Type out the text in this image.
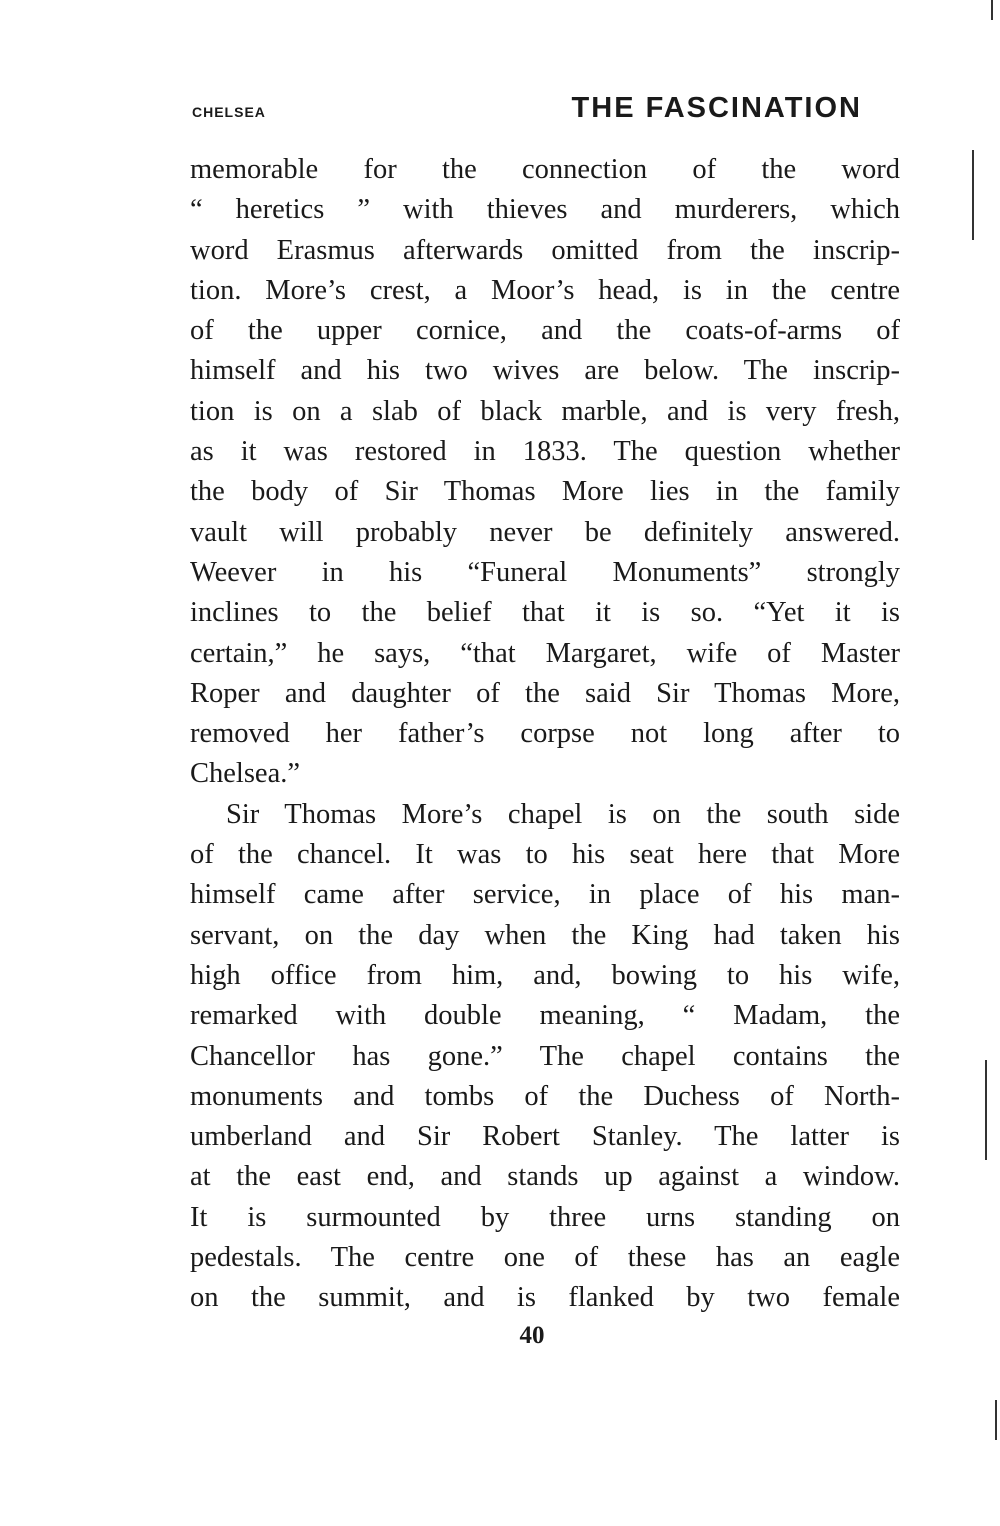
CHELSEA	THE FASCINATION
memorable for the connection of the word
“ heretics ” with thieves and murderers, which
word Erasmus afterwards omitted from the inscrip-
tion. More’s crest, a Moor’s head, is in the centre
of the upper cornice, and the coats-of-arms of
himself and his two wives are below. The inscrip-
tion is on a slab of black marble, and is very fresh,
as it was restored in 1833. The question whether
the body of Sir Thomas More lies in the family
vault will probably never be definitely answered.
Weever in his “Funeral Monuments” strongly
inclines to the belief that it is so. “Yet it is
certain,” he says, “that Margaret, wife of Master
Roper and daughter of the said Sir Thomas More,
removed her father’s corpse not long after to
Chelsea.”
Sir Thomas More’s chapel is on the south side
of the chancel. It was to his seat here that More
himself came after service, in place of his man-
servant, on the day when the King had taken his
high office from him, and, bowing to his wife,
remarked with double meaning, “ Madam, the
Chancellor has gone.” The chapel contains the
monuments and tombs of the Duchess of North-
umberland and Sir Robert Stanley. The latter is
at the east end, and stands up against a window.
It is surmounted by three urns standing on
pedestals. The centre one of these has an eagle
on the summit, and is flanked by two female
40
